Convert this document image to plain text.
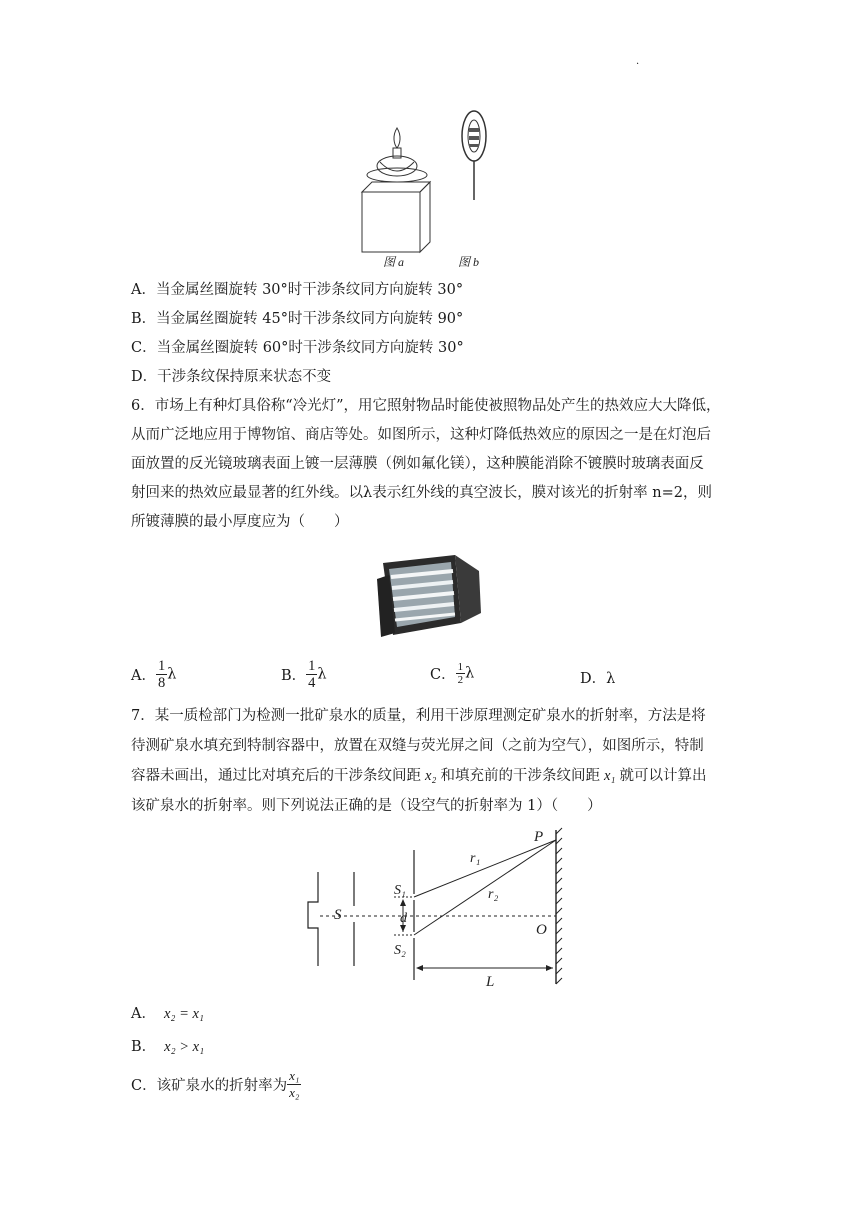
.
图 a	图 b
A．当金属丝圈旋转 30°时干涉条纹同方向旋转 30°
B．当金属丝圈旋转 45°时干涉条纹同方向旋转 90°
C．当金属丝圈旋转 60°时干涉条纹同方向旋转 30°
D．干涉条纹保持原来状态不变
6．市场上有种灯具俗称“冷光灯”，用它照射物品时能使被照物品处产生的热效应大大降低，
从而广泛地应用于博物馆、商店等处。如图所示，这种灯降低热效应的原因之一是在灯泡后
面放置的反光镜玻璃表面上镀一层薄膜（例如氟化镁），这种膜能消除不镀膜时玻璃表面反
射回来的热效应最显著的红外线。以λ表示红外线的真空波长，膜对该光的折射率 n=2，则
所镀薄膜的最小厚度应为（　　）
A． $\frac{1}{8}$ λ	B． $\frac{1}{4}$ λ	C． $\frac{1}{2}$ λ	D．λ
7．某一质检部门为检测一批矿泉水的质量，利用干涉原理测定矿泉水的折射率，方法是将
待测矿泉水填充到特制容器中，放置在双缝与荧光屏之间（之前为空气），如图所示，特制
容器未画出，通过比对填充后的干涉条纹间距 x₂ 和填充前的干涉条纹间距 x₁ 就可以计算出
该矿泉水的折射率。则下列说法正确的是（设空气的折射率为 1）（　　）
P
O
S
S₁
S₂
d
r₁
r₂
L
A． x₂ = x₁
B． x₂ > x₁
C．该矿泉水的折射率为 $\frac{\text{x₁}}{\text{x₂}}$
